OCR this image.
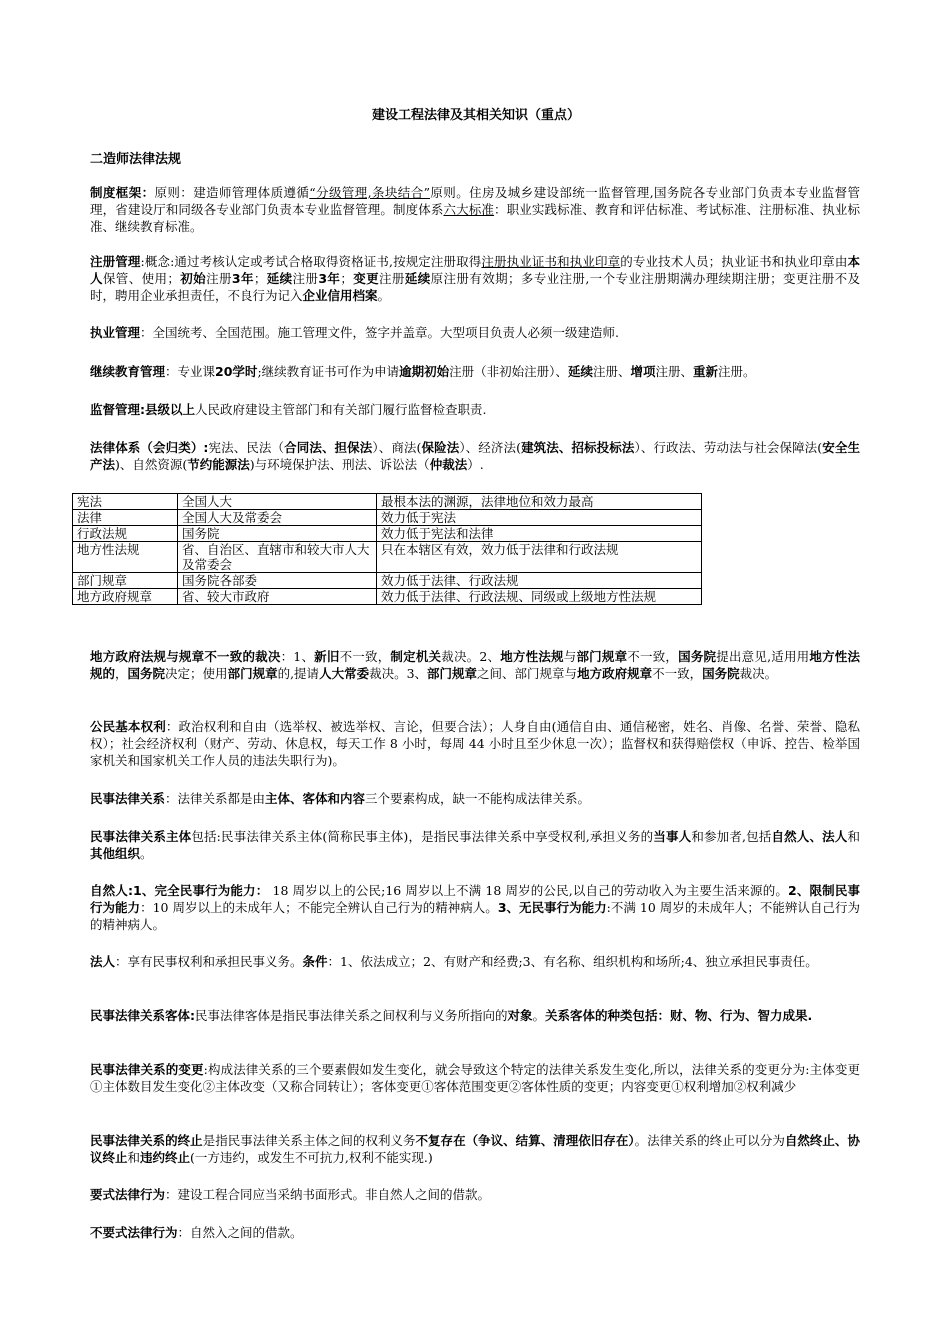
建设工程法律及其相关知识（重点）
二造师法律法规

制度框架：原则：建造师管理体质遵循“分级管理,条块结合”原则。住房及城乡建设部统一监督管理,国务院各专业部门负责本专业监督管理，省建设厅和同级各专业部门负责本专业监督管理。制度体系六大标准：职业实践标准、教育和评估标准、考试标准、注册标准、执业标准、继续教育标准。

注册管理:概念:通过考核认定或考试合格取得资格证书,按规定注册取得注册执业证书和执业印章的专业技术人员；执业证书和执业印章由本人保管、使用；初始注册3年；延续注册3年；变更注册延续原注册有效期；多专业注册,一个专业注册期满办理续期注册；变更注册不及时，聘用企业承担责任，不良行为记入企业信用档案。

执业管理：全国统考、全国范围。施工管理文件，签字并盖章。大型项目负责人必须一级建造师.

继续教育管理：专业课20学时;继续教育证书可作为申请逾期初始注册（非初始注册）、延续注册、增项注册、重新注册。

监督管理:县级以上人民政府建设主管部门和有关部门履行监督检查职责.

法律体系（会归类）:宪法、民法（合同法、担保法）、商法(保险法）、经济法(建筑法、招标投标法）、行政法、劳动法与社会保障法(安全生产法)、自然资源(节约能源法)与环境保护法、刑法、诉讼法（仲裁法）.

宪法	全国人大	最根本法的渊源，法律地位和效力最高
法律	全国人大及常委会	效力低于宪法
行政法规	国务院	效力低于宪法和法律
地方性法规	省、自治区、直辖市和较大市人大及常委会	只在本辖区有效，效力低于法律和行政法规
部门规章	国务院各部委	效力低于法律、行政法规
地方政府规章	省、较大市政府	效力低于法律、行政法规、同级或上级地方性法规

地方政府法规与规章不一致的裁决：1、新旧不一致，制定机关裁决。2、地方性法规与部门规章不一致，国务院提出意见,适用用地方性法规的，国务院决定；使用部门规章的,提请人大常委裁决。3、部门规章之间、部门规章与地方政府规章不一致，国务院裁决。

公民基本权利：政治权利和自由（选举权、被选举权、言论，但要合法）；人身自由(通信自由、通信秘密，姓名、肖像、名誉、荣誉、隐私权）；社会经济权利（财产、劳动、休息权，每天工作 8 小时，每周 44 小时且至少休息一次）；监督权和获得赔偿权（申诉、控告、检举国家机关和国家机关工作人员的违法失职行为)。

民事法律关系：法律关系都是由主体、客体和内容三个要素构成，缺一不能构成法律关系。

民事法律关系主体包括:民事法律关系主体(简称民事主体)，是指民事法律关系中享受权利,承担义务的当事人和参加者,包括自然人、法人和其他组织。

自然人:1、完全民事行为能力： 18 周岁以上的公民;16 周岁以上不满 18 周岁的公民,以自己的劳动收入为主要生活来源的。2、限制民事行为能力：10 周岁以上的未成年人；不能完全辨认自己行为的精神病人。3、无民事行为能力:不满 10 周岁的未成年人；不能辨认自己行为的精神病人。

法人：享有民事权利和承担民事义务。条件：1、依法成立；2、有财产和经费;3、有名称、组织机构和场所;4、独立承担民事责任。

民事法律关系客体:民事法律客体是指民事法律关系之间权利与义务所指向的对象。关系客体的种类包括：财、物、行为、智力成果.

民事法律关系的变更:构成法律关系的三个要素假如发生变化，就会导致这个特定的法律关系发生变化,所以，法律关系的变更分为:主体变更①主体数目发生变化②主体改变（又称合同转让）；客体变更①客体范围变更②客体性质的变更；内容变更①权利增加②权利减少

民事法律关系的终止是指民事法律关系主体之间的权利义务不复存在（争议、结算、清理依旧存在）。法律关系的终止可以分为自然终止、协议终止和违约终止(一方违约，或发生不可抗力,权利不能实现.)

要式法律行为：建设工程合同应当采纳书面形式。非自然人之间的借款。

不要式法律行为：自然入之间的借款。
